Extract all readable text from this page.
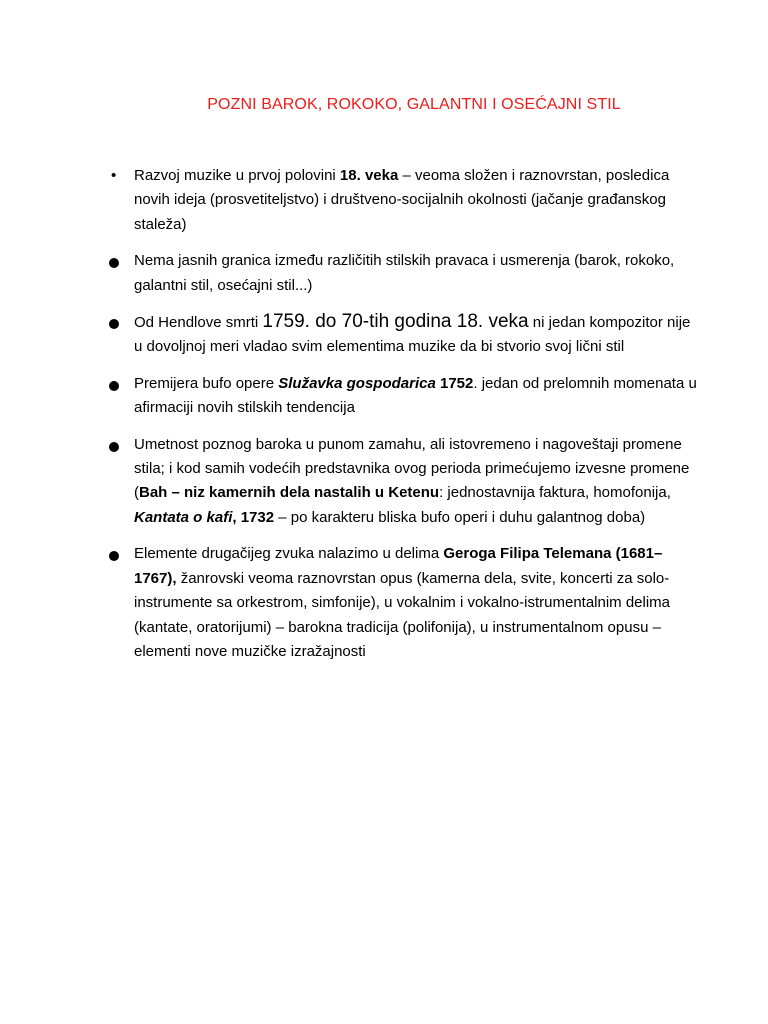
POZNI BAROK, ROKOKO, GALANTNI I OSEĆAJNI STIL
•	Razvoj muzike u prvoj polovini 18. veka – veoma složen i raznovrstan, posledica novih ideja (prosvetiteljstvo) i društveno-socijalnih okolnosti (jačanje građanskog staleža)
Nema jasnih granica između različitih stilskih pravaca i usmerenja (barok, rokoko, galantni stil, osećajni stil...)
Od Hendlove smrti 1759. do 70-tih godina 18. veka ni jedan kompozitor nije u dovoljnoj meri vladao svim elementima muzike da bi stvorio svoj lični stil
Premijera bufo opere Služavka gospodarica 1752. jedan od prelomnih momenata u afirmaciji novih stilskih tendencija
Umetnost poznog baroka u punom zamahu, ali istovremeno i nagoveštaji promene stila; i kod samih vodećih predstavnika ovog perioda primećujemo izvesne promene (Bah – niz kamernih dela nastalih u Ketenu: jednostavnija faktura, homofonija, Kantata o kafi, 1732 – po karakteru bliska bufo operi i duhu galantnog doba)
Elemente drugačijeg zvuka nalazimo u delima Geroga Filipa Telemana (1681–1767), žanrovski veoma raznovrstan opus (kamerna dela, svite, koncerti za solo-instrumente sa orkestrom, simfonije), u vokalnim i vokalno-istrumentalnim delima (kantate, oratorijumi) – barokna tradicija (polifonija), u instrumentalnom opusu – elementi nove muzičke izražajnosti
